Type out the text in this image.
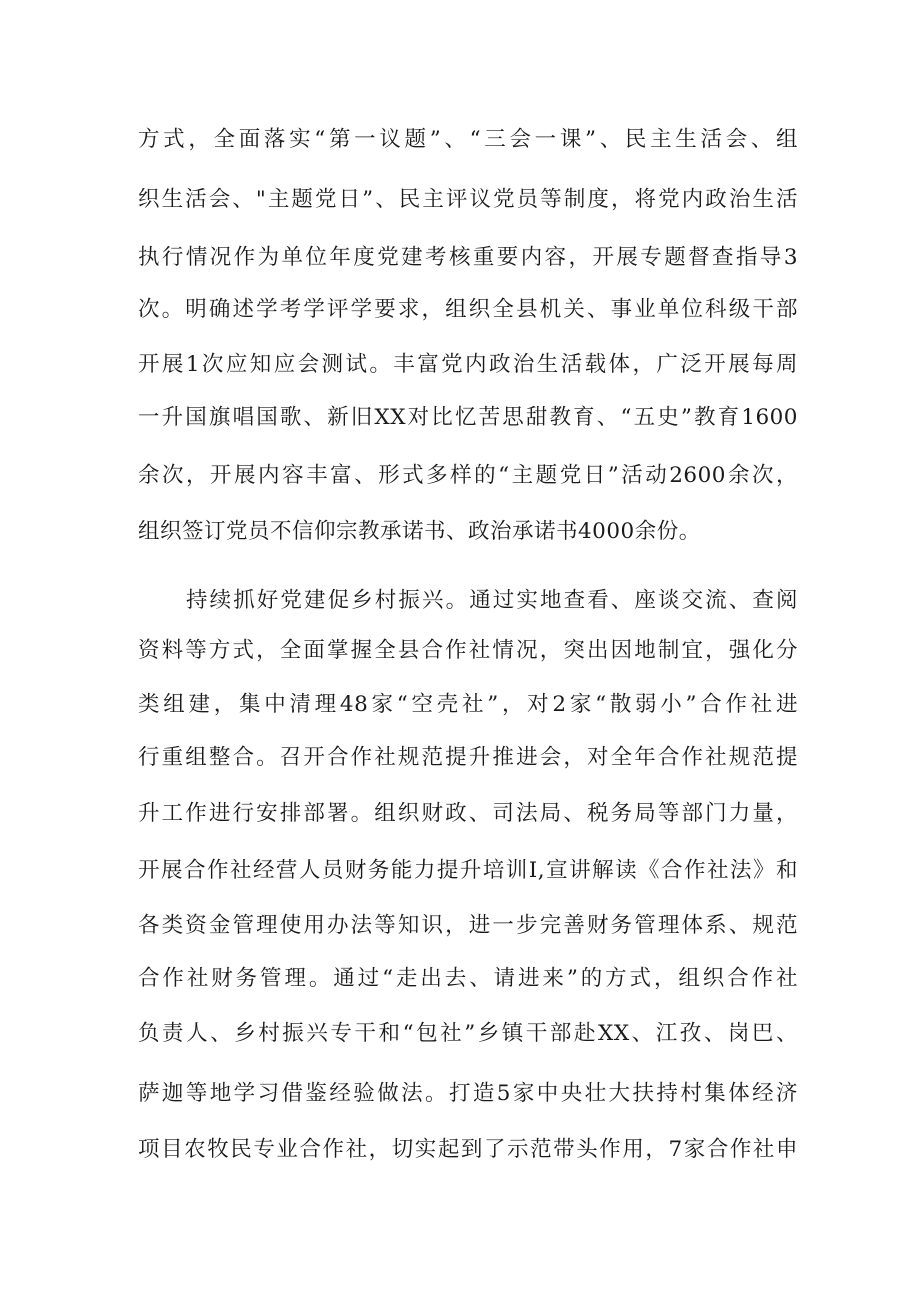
方式，全面落实“第一议题”、“三会一课”、民主生活会、组
织生活会、"主题党日”、民主评议党员等制度，将党内政治生活
执行情况作为单位年度党建考核重要内容，开展专题督查指导3
次。明确述学考学评学要求，组织全县机关、事业单位科级干部
开展1次应知应会测试。丰富党内政治生活载体，广泛开展每周
一升国旗唱国歌、新旧XX对比忆苦思甜教育、“五史”教育1600
余次，开展内容丰富、形式多样的“主题党日”活动2600余次，
组织签订党员不信仰宗教承诺书、政治承诺书4000余份。
持续抓好党建促乡村振兴。通过实地查看、座谈交流、查阅
资料等方式，全面掌握全县合作社情况，突出因地制宜，强化分
类组建，集中清理48家“空壳社”，对2家“散弱小”合作社进
行重组整合。召开合作社规范提升推进会，对全年合作社规范提
升工作进行安排部署。组织财政、司法局、税务局等部门力量，
开展合作社经营人员财务能力提升培训I,宣讲解读《合作社法》和
各类资金管理使用办法等知识，进一步完善财务管理体系、规范
合作社财务管理。通过“走出去、请进来”的方式，组织合作社
负责人、乡村振兴专干和“包社”乡镇干部赴XX、江孜、岗巴、
萨迦等地学习借鉴经验做法。打造5家中央壮大扶持村集体经济
项目农牧民专业合作社，切实起到了示范带头作用，7家合作社申
